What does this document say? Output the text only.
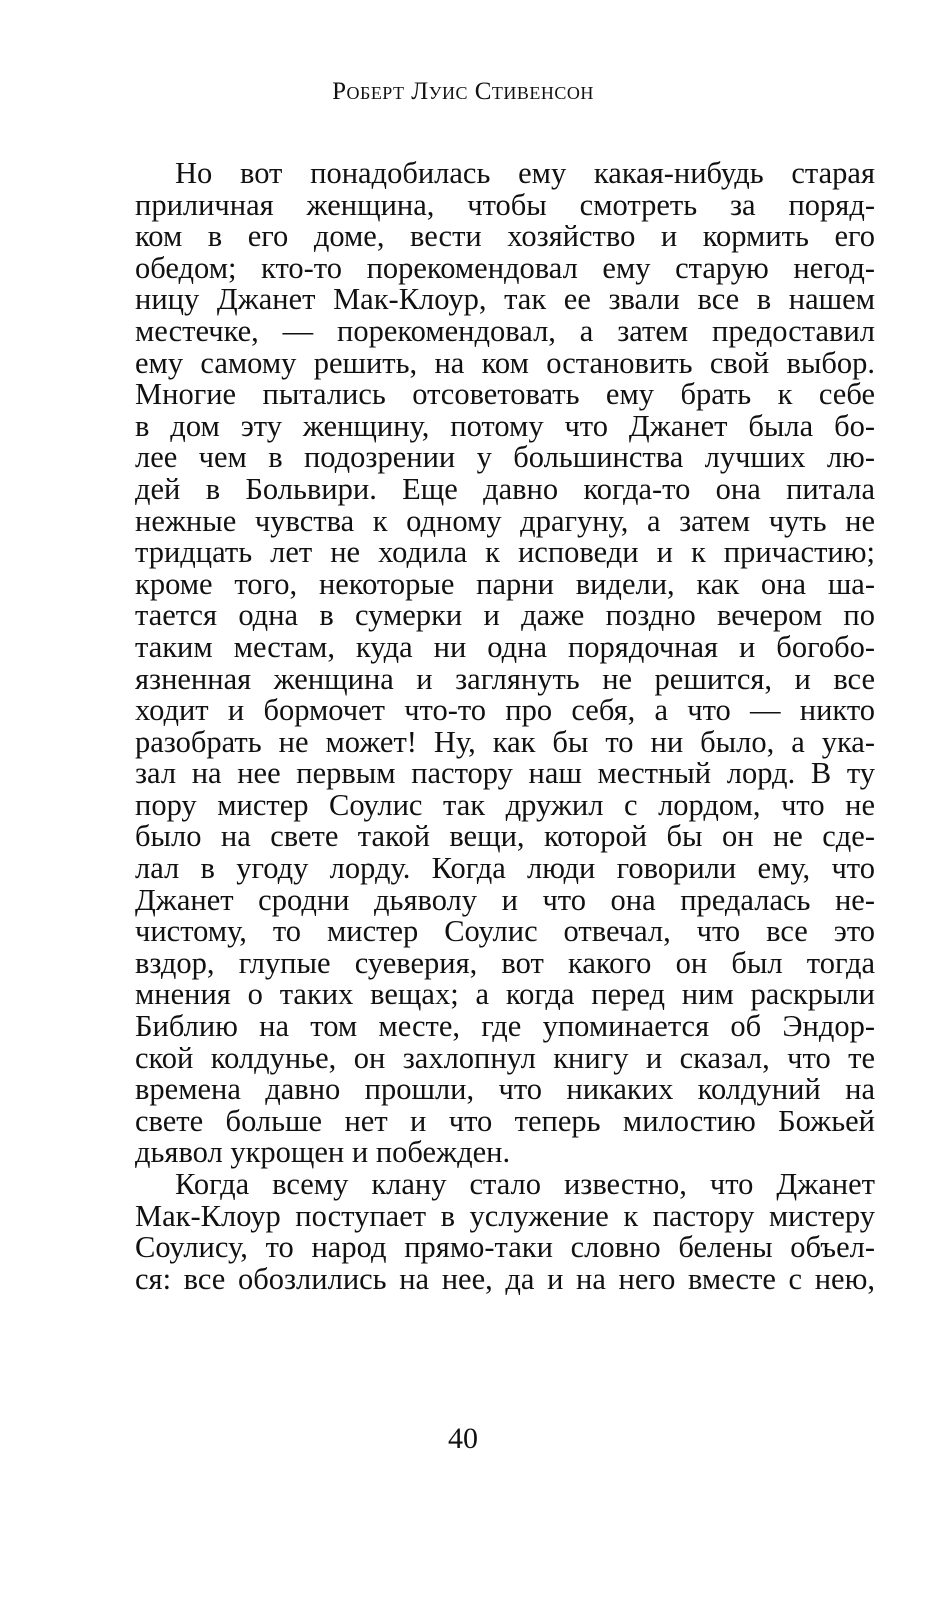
Роберт Луис Стивенсон
Но вот понадобилась ему какая-нибудь старая
приличная женщина, чтобы смотреть за поряд-
ком в его доме, вести хозяйство и кормить его
обедом; кто-то порекомендовал ему старую негод-
ницу Джанет Мак-Клоур, так ее звали все в нашем
местечке, — порекомендовал, а затем предоставил
ему самому решить, на ком остановить свой выбор.
Многие пытались отсоветовать ему брать к себе
в дом эту женщину, потому что Джанет была бо-
лее чем в подозрении у большинства лучших лю-
дей в Больвири. Еще давно когда-то она питала
нежные чувства к одному драгуну, а затем чуть не
тридцать лет не ходила к исповеди и к причастию;
кроме того, некоторые парни видели, как она ша-
тается одна в сумерки и даже поздно вечером по
таким местам, куда ни одна порядочная и богобо-
язненная женщина и заглянуть не решится, и все
ходит и бормочет что-то про себя, а что — никто
разобрать не может! Ну, как бы то ни было, а ука-
зал на нее первым пастору наш местный лорд. В ту
пору мистер Соулис так дружил с лордом, что не
было на свете такой вещи, которой бы он не сде-
лал в угоду лорду. Когда люди говорили ему, что
Джанет сродни дьяволу и что она предалась не-
чистому, то мистер Соулис отвечал, что все это
вздор, глупые суеверия, вот какого он был тогда
мнения о таких вещах; а когда перед ним раскрыли
Библию на том месте, где упоминается об Эндор-
ской колдунье, он захлопнул книгу и сказал, что те
времена давно прошли, что никаких колдуний на
свете больше нет и что теперь милостию Божьей
дьявол укрощен и побежден.
Когда всему клану стало известно, что Джанет
Мак-Клоур поступает в услужение к пастору мистеру
Соулису, то народ прямо-таки словно белены объел-
ся: все обозлились на нее, да и на него вместе с нею,
40
